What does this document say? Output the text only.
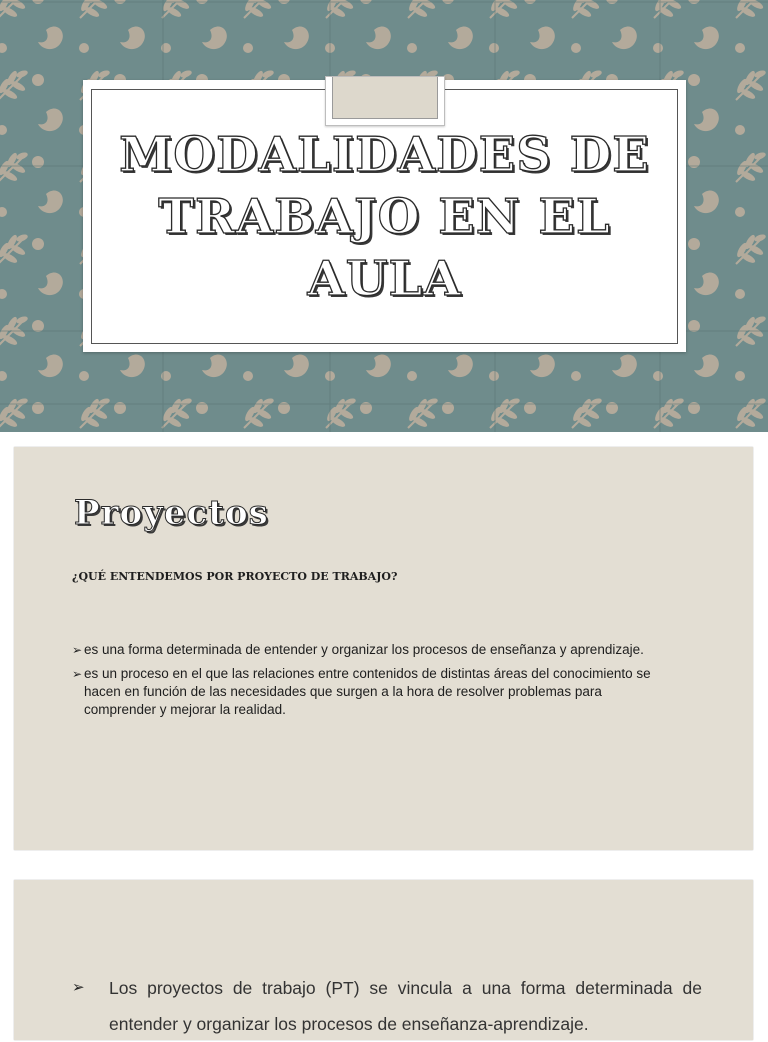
MODALIDADES DE TRABAJO EN EL AULA
Proyectos

¿QUÉ ENTENDEMOS POR PROYECTO DE TRABAJO?

➢ es una forma determinada de entender y organizar los procesos de enseñanza y aprendizaje.
➢ es un proceso en el que las relaciones entre contenidos de distintas áreas del conocimiento se hacen en función de las necesidades que surgen a la hora de resolver problemas para comprender y mejorar la realidad.
➢	Los proyectos de trabajo (PT) se vincula a una forma determinada de entender y organizar los procesos de enseñanza-aprendizaje.
